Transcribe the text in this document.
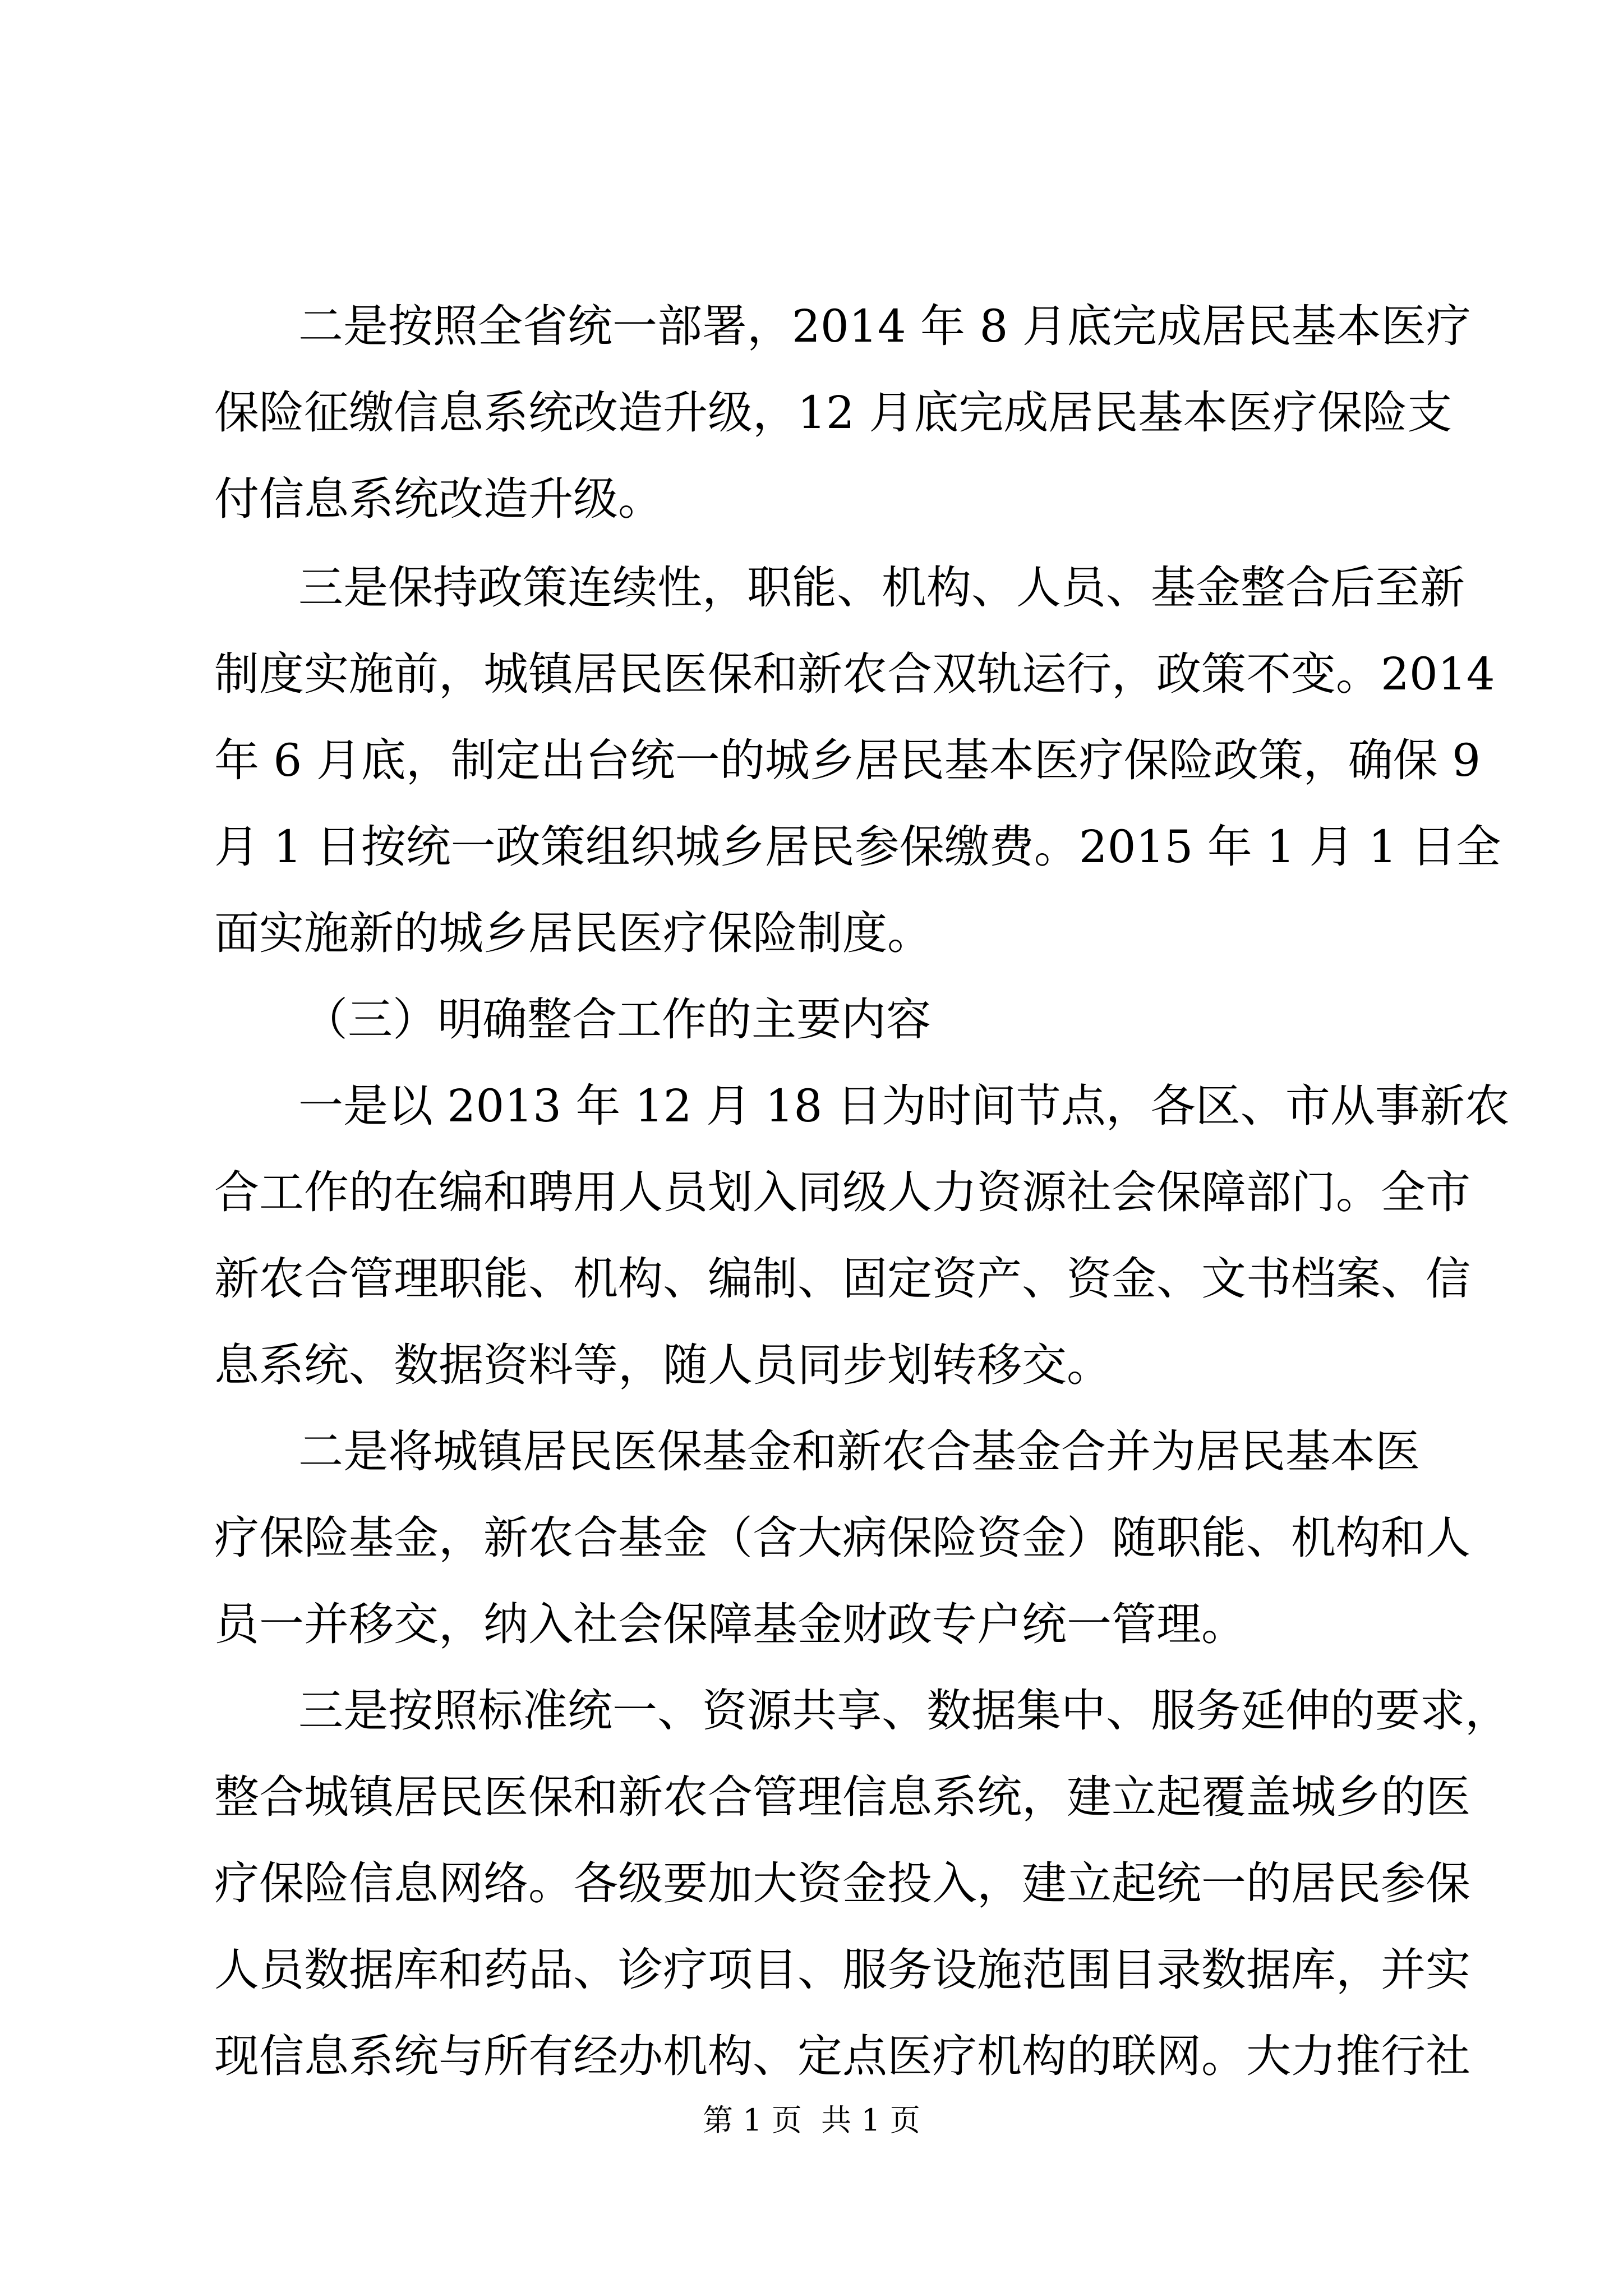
二是按照全省统一部署，2014 年 8 月底完成居民基本医疗
保险征缴信息系统改造升级，12 月底完成居民基本医疗保险支
付信息系统改造升级。
三是保持政策连续性，职能、机构、人员、基金整合后至新
制度实施前，城镇居民医保和新农合双轨运行，政策不变。2014
年 6 月底，制定出台统一的城乡居民基本医疗保险政策，确保 9
月 1 日按统一政策组织城乡居民参保缴费。2015 年 1 月 1 日全
面实施新的城乡居民医疗保险制度。
（三）明确整合工作的主要内容
一是以 2013 年 12 月 18 日为时间节点，各区、市从事新农
合工作的在编和聘用人员划入同级人力资源社会保障部门。全市
新农合管理职能、机构、编制、固定资产、资金、文书档案、信
息系统、数据资料等，随人员同步划转移交。
二是将城镇居民医保基金和新农合基金合并为居民基本医
疗保险基金，新农合基金（含大病保险资金）随职能、机构和人
员一并移交，纳入社会保障基金财政专户统一管理。
三是按照标准统一、资源共享、数据集中、服务延伸的要求，
整合城镇居民医保和新农合管理信息系统，建立起覆盖城乡的医
疗保险信息网络。各级要加大资金投入，建立起统一的居民参保
人员数据库和药品、诊疗项目、服务设施范围目录数据库，并实
现信息系统与所有经办机构、定点医疗机构的联网。大力推行社
第 1 页  共 1 页
